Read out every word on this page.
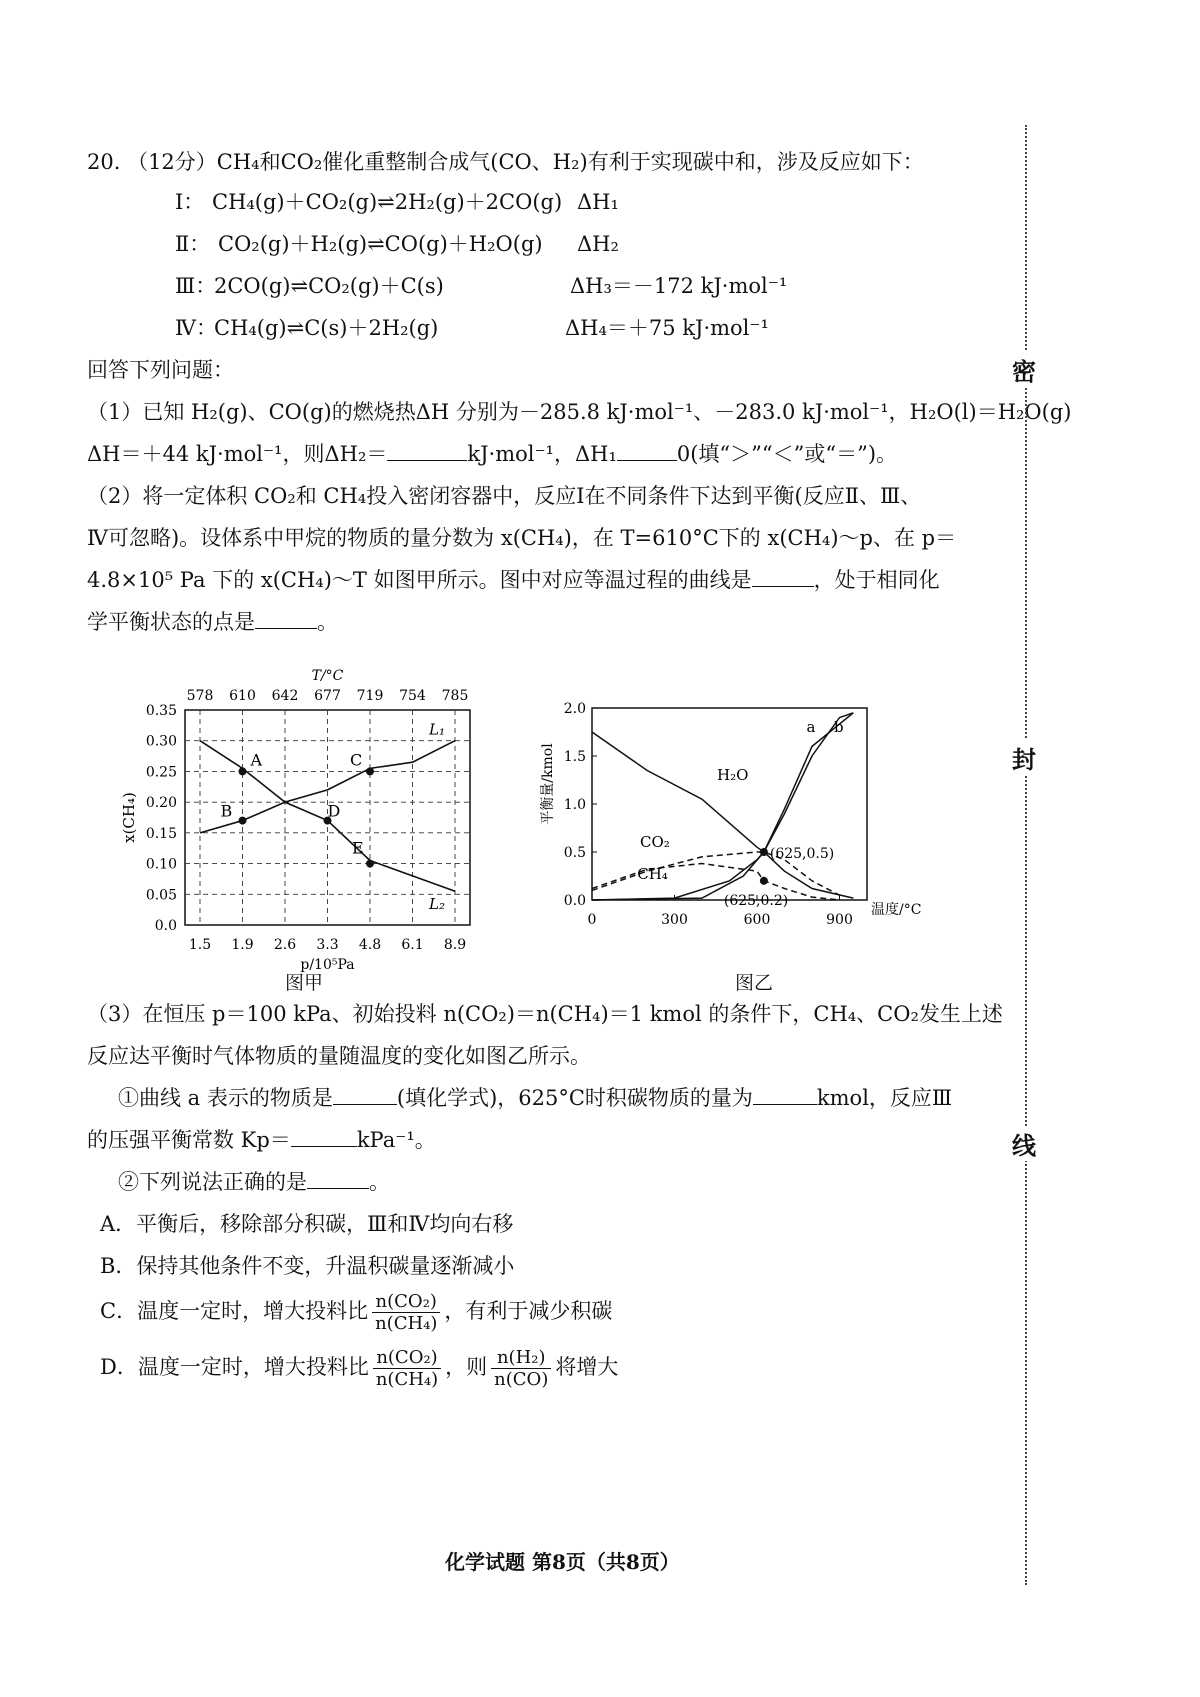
20. （12分）CH₄和CO₂催化重整制合成气(CO、H₂)有利于实现碳中和，涉及反应如下：
Ⅰ： CH₄(g)＋CO₂(g)⇌2H₂(g)＋2CO(g) ΔH₁
Ⅱ： CO₂(g)＋H₂(g)⇌CO(g)＋H₂O(g) ΔH₂
Ⅲ：
2CO(g)⇌CO₂(g)＋C(s)	ΔH₃＝－172 kJ·mol⁻¹
Ⅳ：
CH₄(g)⇌C(s)＋2H₂(g)	ΔH₄＝＋75 kJ·mol⁻¹
回答下列问题：
（1）已知 H₂(g)、CO(g)的燃烧热ΔH 分别为－285.8 kJ·mol⁻¹、－283.0 kJ·mol⁻¹，H₂O(l)＝H₂O(g)
ΔH＝＋44 kJ·mol⁻¹，则ΔH₂＝	kJ·mol⁻¹，ΔH₁	0(填“＞”“＜”或“＝”)。
（2）将一定体积 CO₂和 CH₄投入密闭容器中，反应Ⅰ在不同条件下达到平衡(反应Ⅱ、Ⅲ、
Ⅳ可忽略)。设体系中甲烷的物质的量分数为 x(CH₄)，在 T=610°C下的 x(CH₄)～p、在 p＝
4.8×10⁵ Pa 下的 x(CH₄)～T 如图甲所示。图中对应等温过程的曲线是	，处于相同化
学平衡状态的点是	。
1.5
578
1.9
610
2.6
642
3.3
677
4.8
719
6.1
754
8.9
785
0.35
0.30
0.25
0.20
0.15
0.10
0.05
0.0
T/°C
p/10⁵Pa
x(CH₄)
L₁
L₂
A
B
C
D
E
图甲
0	300	600	900
0.0
0.5
1.0
1.5
2.0
温度/°C
平衡量/kmol	H₂O
a b
CO₂
CH₄
(625,0.5)
(625,0.2)
图乙
（3）在恒压 p＝100 kPa、初始投料 n(CO₂)＝n(CH₄)＝1 kmol 的条件下，CH₄、CO₂发生上述
反应达平衡时气体物质的量随温度的变化如图乙所示。
①曲线 a 表示的物质是	(填化学式)，625°C时积碳物质的量为	kmol，反应Ⅲ
的压强平衡常数 Kp＝	kPa⁻¹。
②下列说法正确的是	。
A．平衡后，移除部分积碳，Ⅲ和Ⅳ均向右移
B．保持其他条件不变，升温积碳量逐渐减小
C．温度一定时，增大投料比 $\frac{\text{n(CO₂)}}{\text{n(CH₄)}}$ ，有利于减少积碳
D．温度一定时，增大投料比 $\frac{\text{n(CO₂)}}{\text{n(CH₄)}}$ ，则 $\frac{\text{n(H₂)}}{n(CO)}$ 将增大
化学试题 第8页（共8页）
密
封
线
